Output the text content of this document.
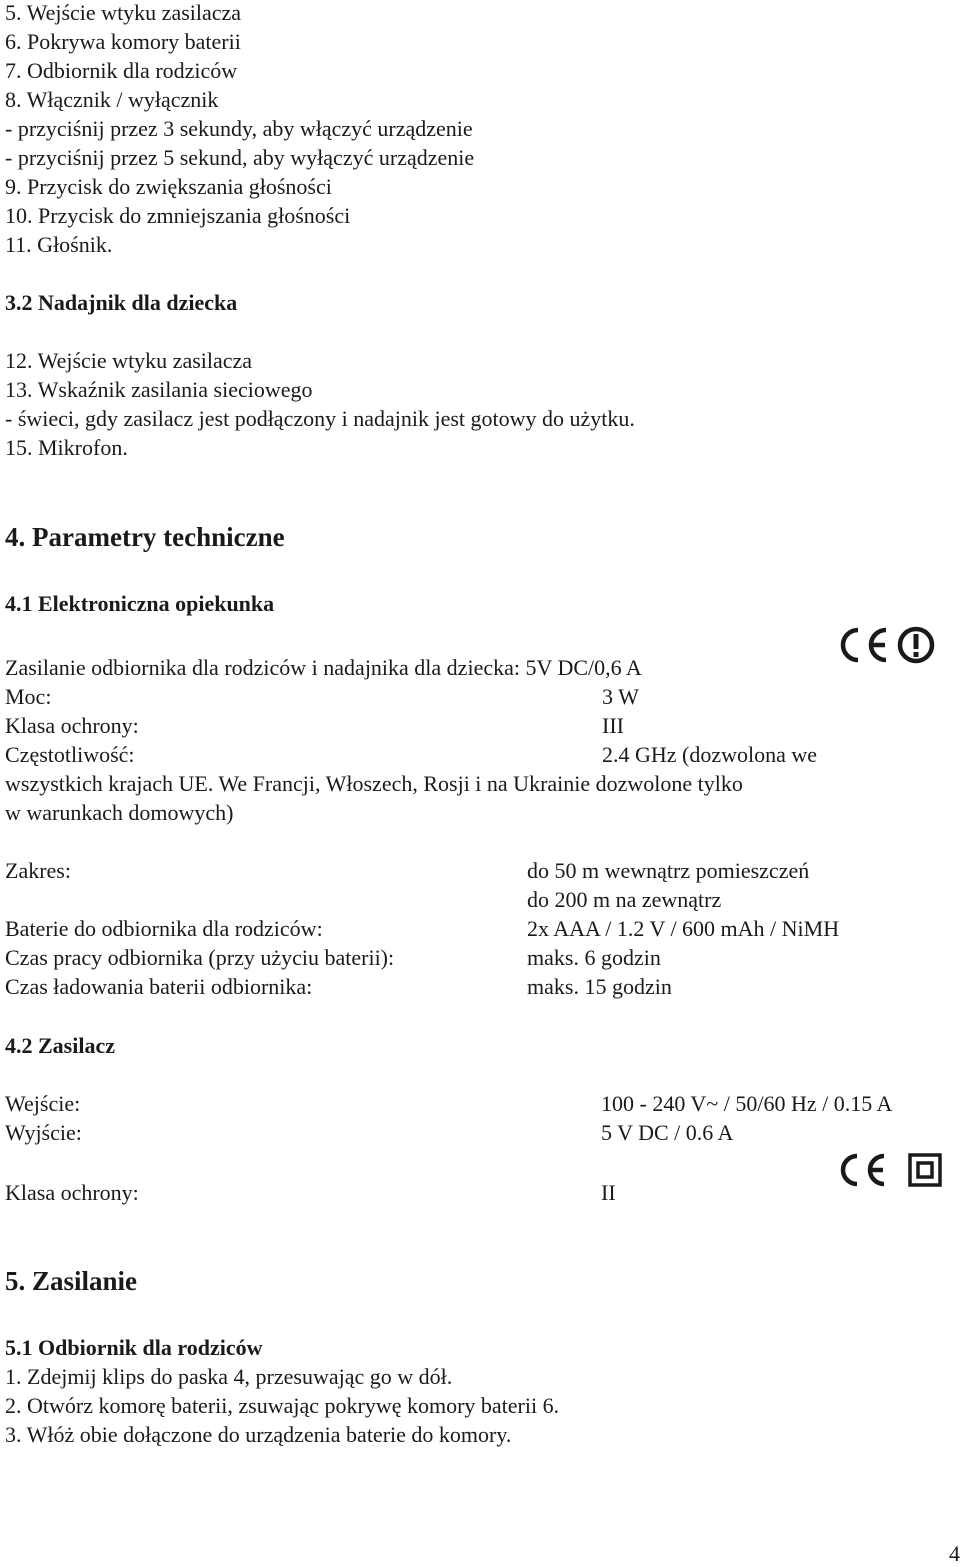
5. Wejście wtyku zasilacza

6. Pokrywa komory baterii

7. Odbiornik dla rodziców

8. Włącznik / wyłącznik

- przyciśnij przez 3 sekundy, aby włączyć urządzenie

- przyciśnij przez 5 sekund, aby wyłączyć urządzenie

9. Przycisk do zwiększania głośności

10. Przycisk do zmniejszania głośności

11. Głośnik.

3.2 Nadajnik dla dziecka

12. Wejście wtyku zasilacza

13. Wskaźnik zasilania sieciowego

- świeci, gdy zasilacz jest podłączony i nadajnik jest gotowy do użytku.

15. Mikrofon.

4. Parametry techniczne

4.1 Elektroniczna opiekunka

Zasilanie odbiornika dla rodziców i nadajnika dla dziecka: 5V DC/0,6 A

Moc:	3 W

Klasa ochrony:	III

Częstotliwość:	2.4 GHz (dozwolona we

wszystkich krajach UE. We Francji, Włoszech, Rosji i na Ukrainie dozwolone tylko

w warunkach domowych)

Zakres:	do 50 m wewnątrz pomieszczeń

do 200 m na zewnątrz

Baterie do odbiornika dla rodziców:	2x AAA / 1.2 V / 600 mAh / NiMH

Czas pracy odbiornika (przy użyciu baterii):	maks. 6 godzin

Czas ładowania baterii odbiornika:	maks. 15 godzin

4.2 Zasilacz

Wejście:	100 - 240 V~ / 50/60 Hz / 0.15 A

Wyjście:	5 V DC / 0.6 A

Klasa ochrony:	II

5. Zasilanie

5.1 Odbiornik dla rodziców

1. Zdejmij klips do paska 4, przesuwając go w dół.

2. Otwórz komorę baterii, zsuwając pokrywę komory baterii 6.

3. Włóż obie dołączone do urządzenia baterie do komory.

4
